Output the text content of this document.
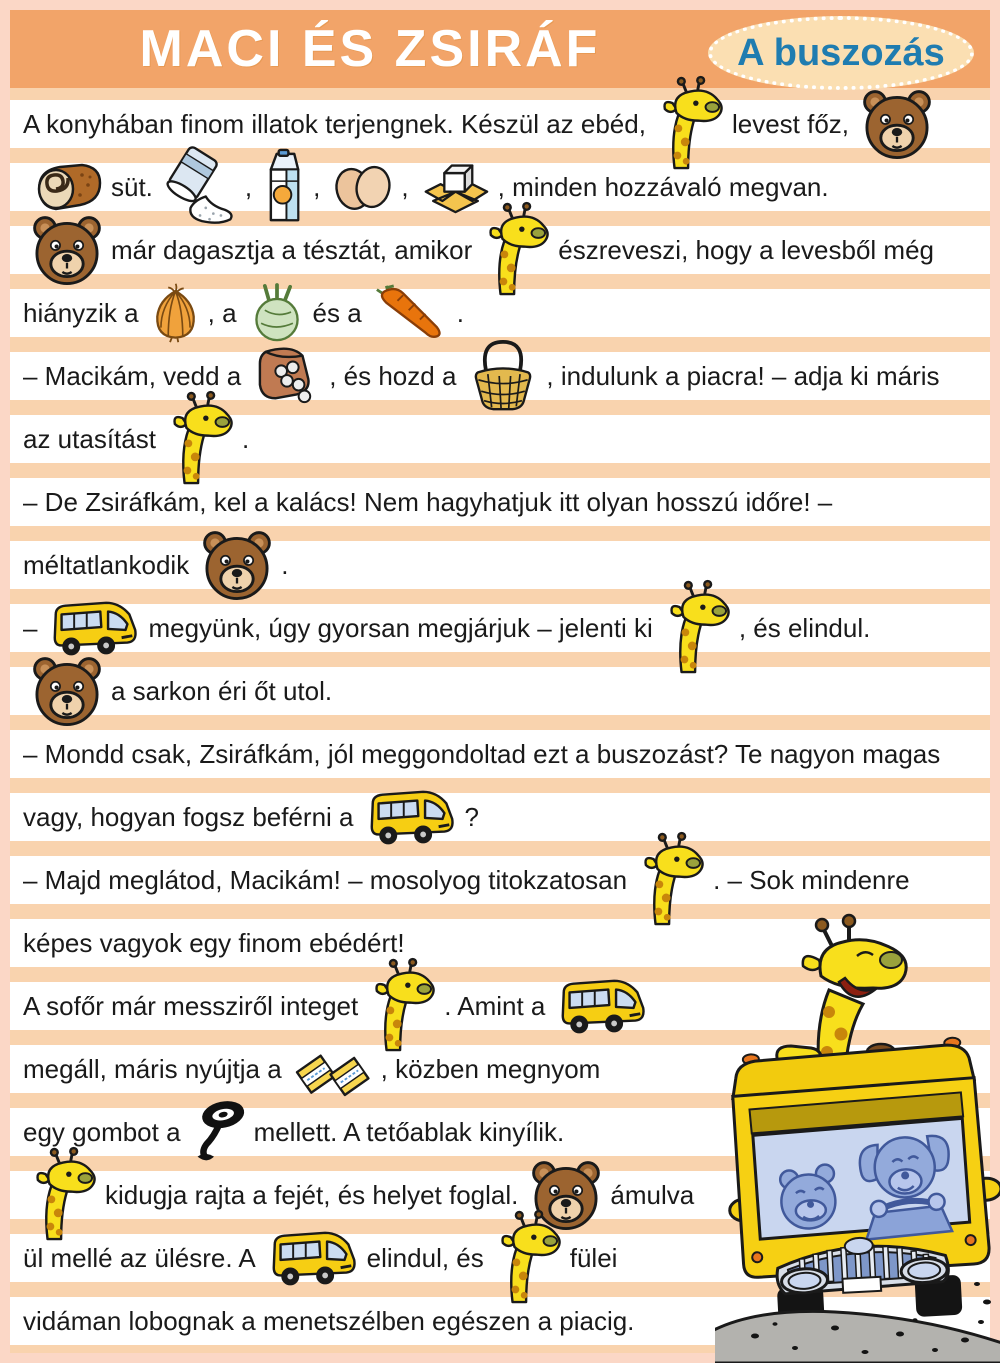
MACI ÉS ZSIRÁF	A buszozás
A konyhában finom illatok terjengnek. Készül az ebéd,	levest főz,
süt.	, ,	,	, minden hozzávaló megvan.
már dagasztja a tésztát, amikor	észreveszi, hogy a levesből még
hiányzik a	, a	és a	.
– Macikám, vedd a	, és hozd a	, indulunk a piacra! – adja ki máris
az utasítást	.
– De Zsiráfkám, kel a kalács! Nem hagyhatjuk itt olyan hosszú időre! –
méltatlankodik	.
–	megyünk, úgy gyorsan megjárjuk – jelenti ki	, és elindul.
a sarkon éri őt utol.
– Mondd csak, Zsiráfkám, jól meggondoltad ezt a buszozást? Te nagyon magas
vagy, hogyan fogsz beférni a	?
– Majd meglátod, Macikám! – mosolyog titokzatosan	. – Sok mindenre
képes vagyok egy finom ebédért!
A sofőr már messziről integet	. Amint a
megáll, máris nyújtja a	, közben megnyom
egy gombot a	mellett. A tetőablak kinyílik.
kidugja rajta a fejét, és helyet foglal.	ámulva
ül mellé az ülésre. A	elindul, és	fülei
vidáman lobognak a menetszélben egészen a piacig.
